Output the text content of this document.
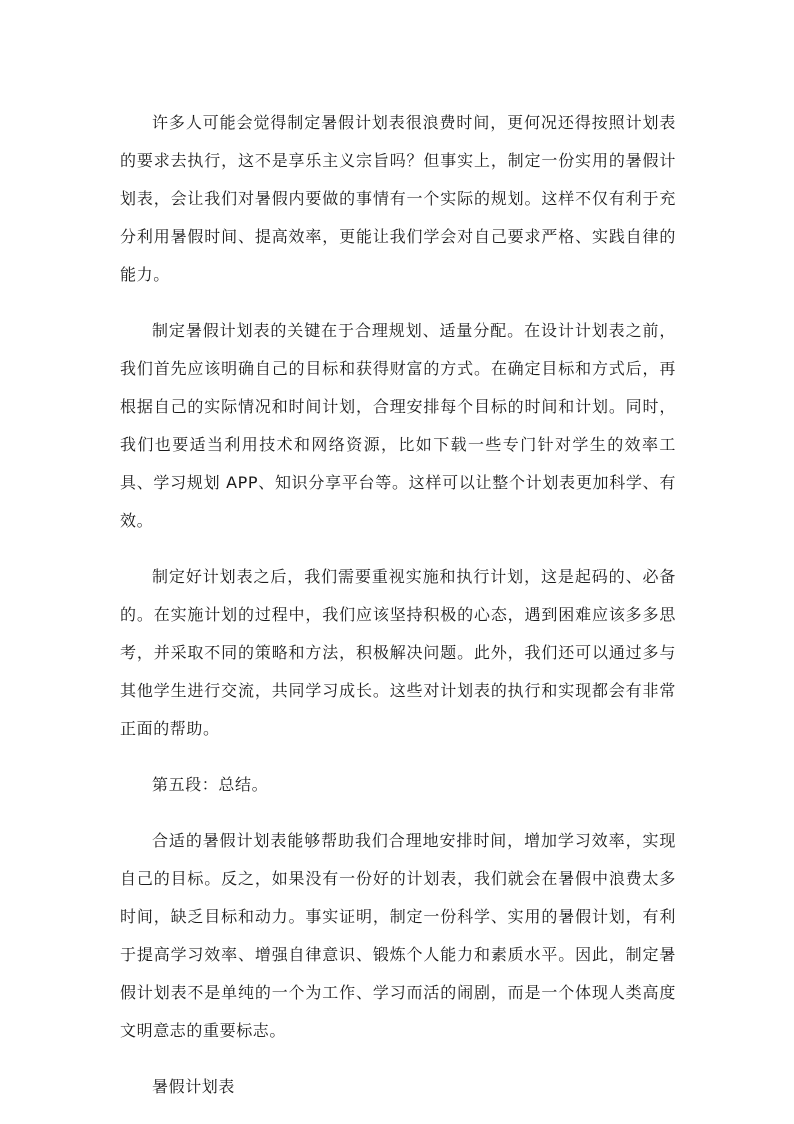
许多人可能会觉得制定暑假计划表很浪费时间，更何况还得按照计划表的要求去执行，这不是享乐主义宗旨吗？但事实上，制定一份实用的暑假计划表，会让我们对暑假内要做的事情有一个实际的规划。这样不仅有利于充分利用暑假时间、提高效率，更能让我们学会对自己要求严格、实践自律的能力。

制定暑假计划表的关键在于合理规划、适量分配。在设计计划表之前，我们首先应该明确自己的目标和获得财富的方式。在确定目标和方式后，再根据自己的实际情况和时间计划，合理安排每个目标的时间和计划。同时，我们也要适当利用技术和网络资源，比如下载一些专门针对学生的效率工具、学习规划 APP、知识分享平台等。这样可以让整个计划表更加科学、有效。

制定好计划表之后，我们需要重视实施和执行计划，这是起码的、必备的。在实施计划的过程中，我们应该坚持积极的心态，遇到困难应该多多思考，并采取不同的策略和方法，积极解决问题。此外，我们还可以通过多与其他学生进行交流，共同学习成长。这些对计划表的执行和实现都会有非常正面的帮助。

第五段：总结。

合适的暑假计划表能够帮助我们合理地安排时间，增加学习效率，实现自己的目标。反之，如果没有一份好的计划表，我们就会在暑假中浪费太多时间，缺乏目标和动力。事实证明，制定一份科学、实用的暑假计划，有利于提高学习效率、增强自律意识、锻炼个人能力和素质水平。因此，制定暑假计划表不是单纯的一个为工作、学习而活的闹剧，而是一个体现人类高度文明意志的重要标志。

暑假计划表
